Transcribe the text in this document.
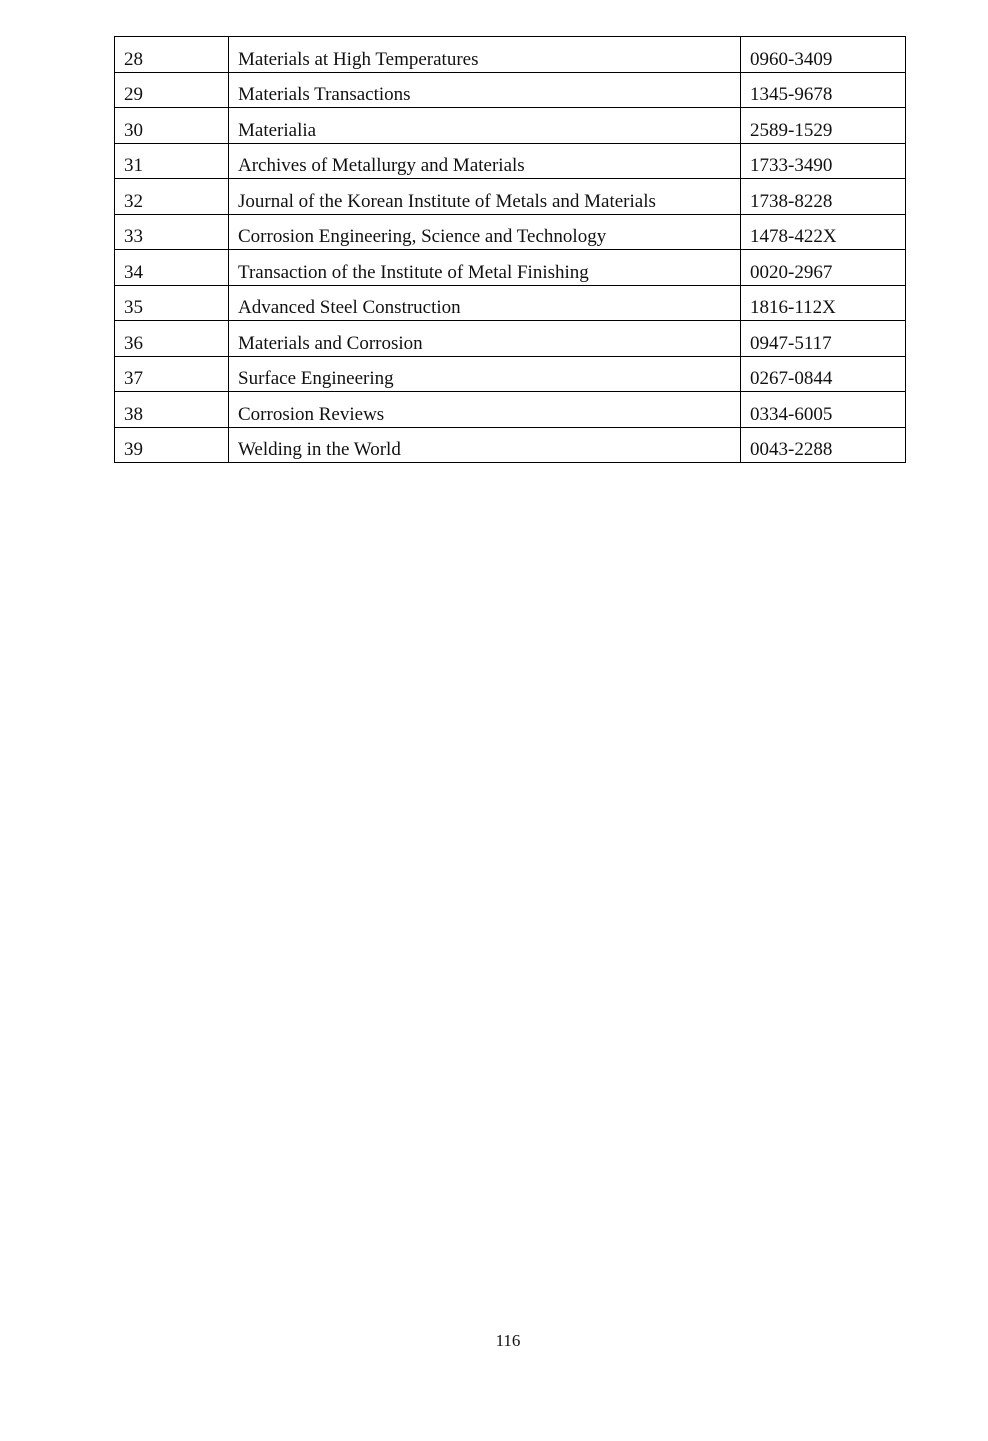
28	Materials at High Temperatures	0960-3409
29	Materials Transactions	1345-9678
30	Materialia	2589-1529
31	Archives of Metallurgy and Materials	1733-3490
32	Journal of the Korean Institute of Metals and Materials	1738-8228
33	Corrosion Engineering, Science and Technology	1478-422X
34	Transaction of the Institute of Metal Finishing	0020-2967
35	Advanced Steel Construction	1816-112X
36	Materials and Corrosion	0947-5117
37	Surface Engineering	0267-0844
38	Corrosion Reviews	0334-6005
39	Welding in the World	0043-2288
116
